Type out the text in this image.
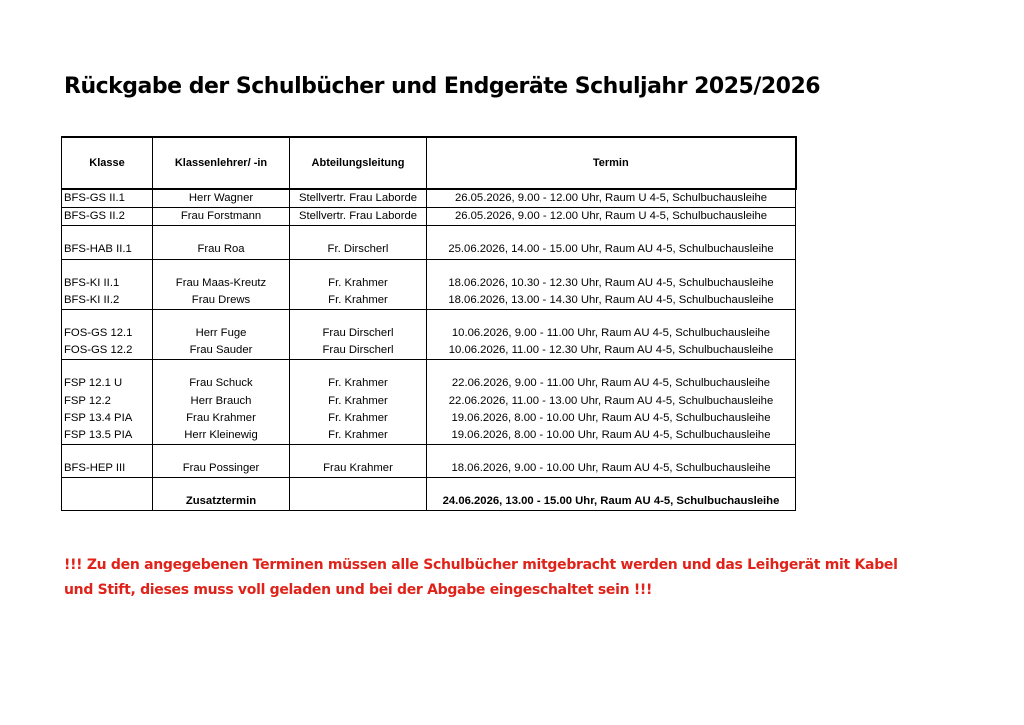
Rückgabe der Schulbücher und Endgeräte Schuljahr 2025/2026
Klasse	Klassenlehrer/ -in	Abteilungsleitung	Termin
BFS-GS II.1	Herr Wagner	Stellvertr. Frau Laborde	26.05.2026, 9.00 - 12.00 Uhr, Raum U 4-5, Schulbuchausleihe
BFS-GS II.2	Frau Forstmann	Stellvertr. Frau Laborde	26.05.2026, 9.00 - 12.00 Uhr, Raum U 4-5, Schulbuchausleihe

BFS-HAB II.1	Frau Roa	Fr. Dirscherl	25.06.2026, 14.00 - 15.00 Uhr, Raum AU 4-5, Schulbuchausleihe

BFS-KI II.1	Frau Maas-Kreutz	Fr. Krahmer	18.06.2026, 10.30 - 12.30 Uhr, Raum AU 4-5, Schulbuchausleihe
BFS-KI II.2	Frau Drews	Fr. Krahmer	18.06.2026, 13.00 - 14.30 Uhr, Raum AU 4-5, Schulbuchausleihe

FOS-GS 12.1	Herr Fuge	Frau Dirscherl	10.06.2026, 9.00 - 11.00 Uhr, Raum AU 4-5, Schulbuchausleihe
FOS-GS 12.2	Frau Sauder	Frau Dirscherl	10.06.2026, 11.00 - 12.30 Uhr, Raum AU 4-5, Schulbuchausleihe

FSP 12.1 U	Frau Schuck	Fr. Krahmer	22.06.2026, 9.00 - 11.00 Uhr, Raum AU 4-5, Schulbuchausleihe
FSP 12.2	Herr Brauch	Fr. Krahmer	22.06.2026, 11.00 - 13.00 Uhr, Raum AU 4-5, Schulbuchausleihe
FSP 13.4 PIA	Frau Krahmer	Fr. Krahmer	19.06.2026, 8.00 - 10.00 Uhr, Raum AU 4-5, Schulbuchausleihe
FSP 13.5 PIA	Herr Kleinewig	Fr. Krahmer	19.06.2026, 8.00 - 10.00 Uhr, Raum AU 4-5, Schulbuchausleihe

BFS-HEP III	Frau Possinger	Frau Krahmer	18.06.2026, 9.00 - 10.00 Uhr, Raum AU 4-5, Schulbuchausleihe

	Zusatztermin		24.06.2026, 13.00 - 15.00 Uhr, Raum AU 4-5, Schulbuchausleihe
!!! Zu den angegebenen Terminen müssen alle Schulbücher mitgebracht werden und das Leihgerät mit Kabel
und Stift, dieses muss voll geladen und bei der Abgabe eingeschaltet sein !!!
